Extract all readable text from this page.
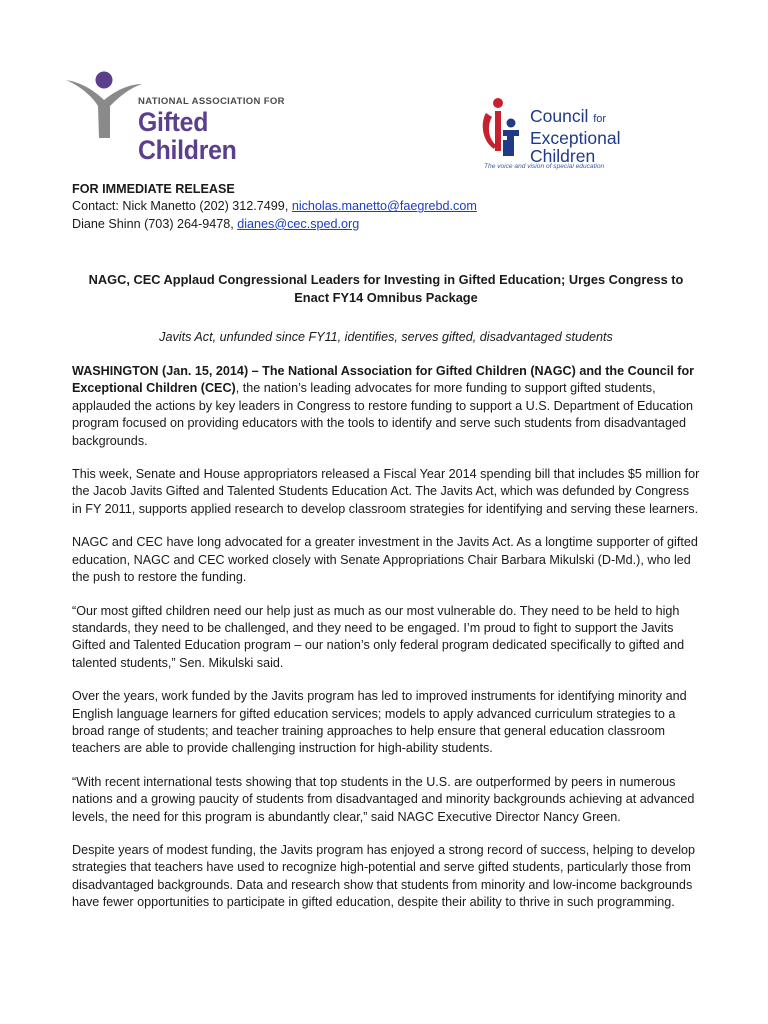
NATIONAL ASSOCIATION FOR
Gifted Children
Council for
Exceptional
Children
The voice and vision of special education

FOR IMMEDIATE RELEASE

Contact: Nick Manetto (202) 312.7499, nicholas.manetto@faegrebd.com

Diane Shinn (703) 264-9478, dianes@cec.sped.org

NAGC, CEC Applaud Congressional Leaders for Investing in Gifted Education; Urges Congress to Enact FY14 Omnibus Package

Javits Act, unfunded since FY11, identifies, serves gifted, disadvantaged students

WASHINGTON (Jan. 15, 2014) – The National Association for Gifted Children (NAGC) and the Council for Exceptional Children (CEC), the nation’s leading advocates for more funding to support gifted students, applauded the actions by key leaders in Congress to restore funding to support a U.S. Department of Education program focused on providing educators with the tools to identify and serve such students from disadvantaged backgrounds.

This week, Senate and House appropriators released a Fiscal Year 2014 spending bill that includes $5 million for the Jacob Javits Gifted and Talented Students Education Act. The Javits Act, which was defunded by Congress in FY 2011, supports applied research to develop classroom strategies for identifying and serving these learners.

NAGC and CEC have long advocated for a greater investment in the Javits Act. As a longtime supporter of gifted education, NAGC and CEC worked closely with Senate Appropriations Chair Barbara Mikulski (D-Md.), who led the push to restore the funding.

“Our most gifted children need our help just as much as our most vulnerable do. They need to be held to high standards, they need to be challenged, and they need to be engaged. I’m proud to fight to support the Javits Gifted and Talented Education program – our nation’s only federal program dedicated specifically to gifted and talented students,” Sen. Mikulski said.

Over the years, work funded by the Javits program has led to improved instruments for identifying minority and English language learners for gifted education services; models to apply advanced curriculum strategies to a broad range of students; and teacher training approaches to help ensure that general education classroom teachers are able to provide challenging instruction for high-ability students.

“With recent international tests showing that top students in the U.S. are outperformed by peers in numerous nations and a growing paucity of students from disadvantaged and minority backgrounds achieving at advanced levels, the need for this program is abundantly clear,” said NAGC Executive Director Nancy Green.

Despite years of modest funding, the Javits program has enjoyed a strong record of success, helping to develop strategies that teachers have used to recognize high-potential and serve gifted students, particularly those from disadvantaged backgrounds. Data and research show that students from minority and low-income backgrounds have fewer opportunities to participate in gifted education, despite their ability to thrive in such programming.
